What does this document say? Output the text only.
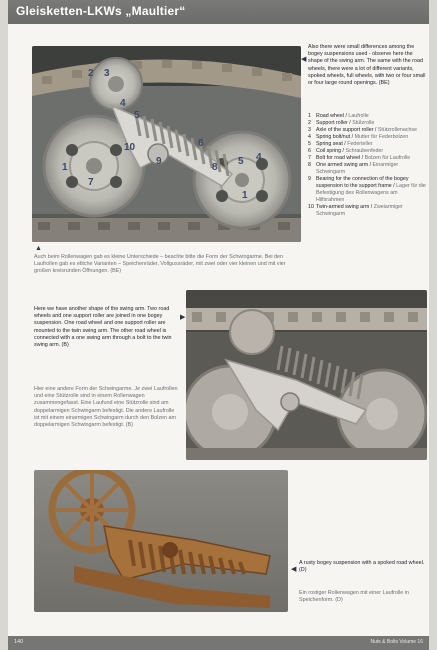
Gleisketten-LKWs „Maultier“
2 3
4
5
1
10
7
9
6
8
5 4
1
◀
Also there were small differences among the bogey suspensions used - observe here the shape of the swing arm. The same with the road wheels, there were a lot of different variants, spoked wheels, full wheels, with two or four small or four large round openings. (BE)
1 Road wheel / Laufrolle
2 Support roller / Stützrolle
3 Axle of the support roller / Stützrollenachse
4 Spring bolt/nut / Mutter für Federbolzen
5 Spring seat / Federteller
6 Coil spring / Schraubenfeder
7 Bolt for road wheel / Bolzen für Laufrolle
8 One armed swing arm / Einarmiger Schwingarm
9 Bearing for the connection of the bogey suspension to the support frame / Lager für die Befestigung des Rollenwagens am Hilfsrahmen
10 Twin-armed swing arm / Zweiarmiger Schwingarm
▲
Auch beim Rollenwagen gab es kleine Unterschiede – beachte bitte die Form der Schwingarme. Bei den Laufrollen gab es etliche Varianten – Speichenräder, Vollgussräder, mit zwei oder vier kleinen und mit vier großen kreisrunden Öffnungen. (BE)
Here we have another shape of the swing arm. Two road wheels and one support roller are joined in one bogey suspension. One road wheel and one support roller are mounted to the twin swing arm. The other road wheel is connected with a one swing arm through a bolt to the twin swing arm. (B)
▶
Hier eine andere Form der Schwingarme. Je zwei Laufrollen und eine Stützrolle sind in einem Rollenwagen zusammengefasst. Eine Laufund eine Stützrolle sind am doppelarmigen Schwingarm befestigt. Die andere Laufrolle ist mit einem einarmigen Schwingarm durch den Bolzen am doppelarmigen Schwingarm befestigt. (B)
◀
A rusty bogey suspension with a spoked road wheel. (D)
Ein rostiger Rollenwagen mit einer Laufrolle in Speichenform. (D)
140	Nuts & Bolts Volume 16
